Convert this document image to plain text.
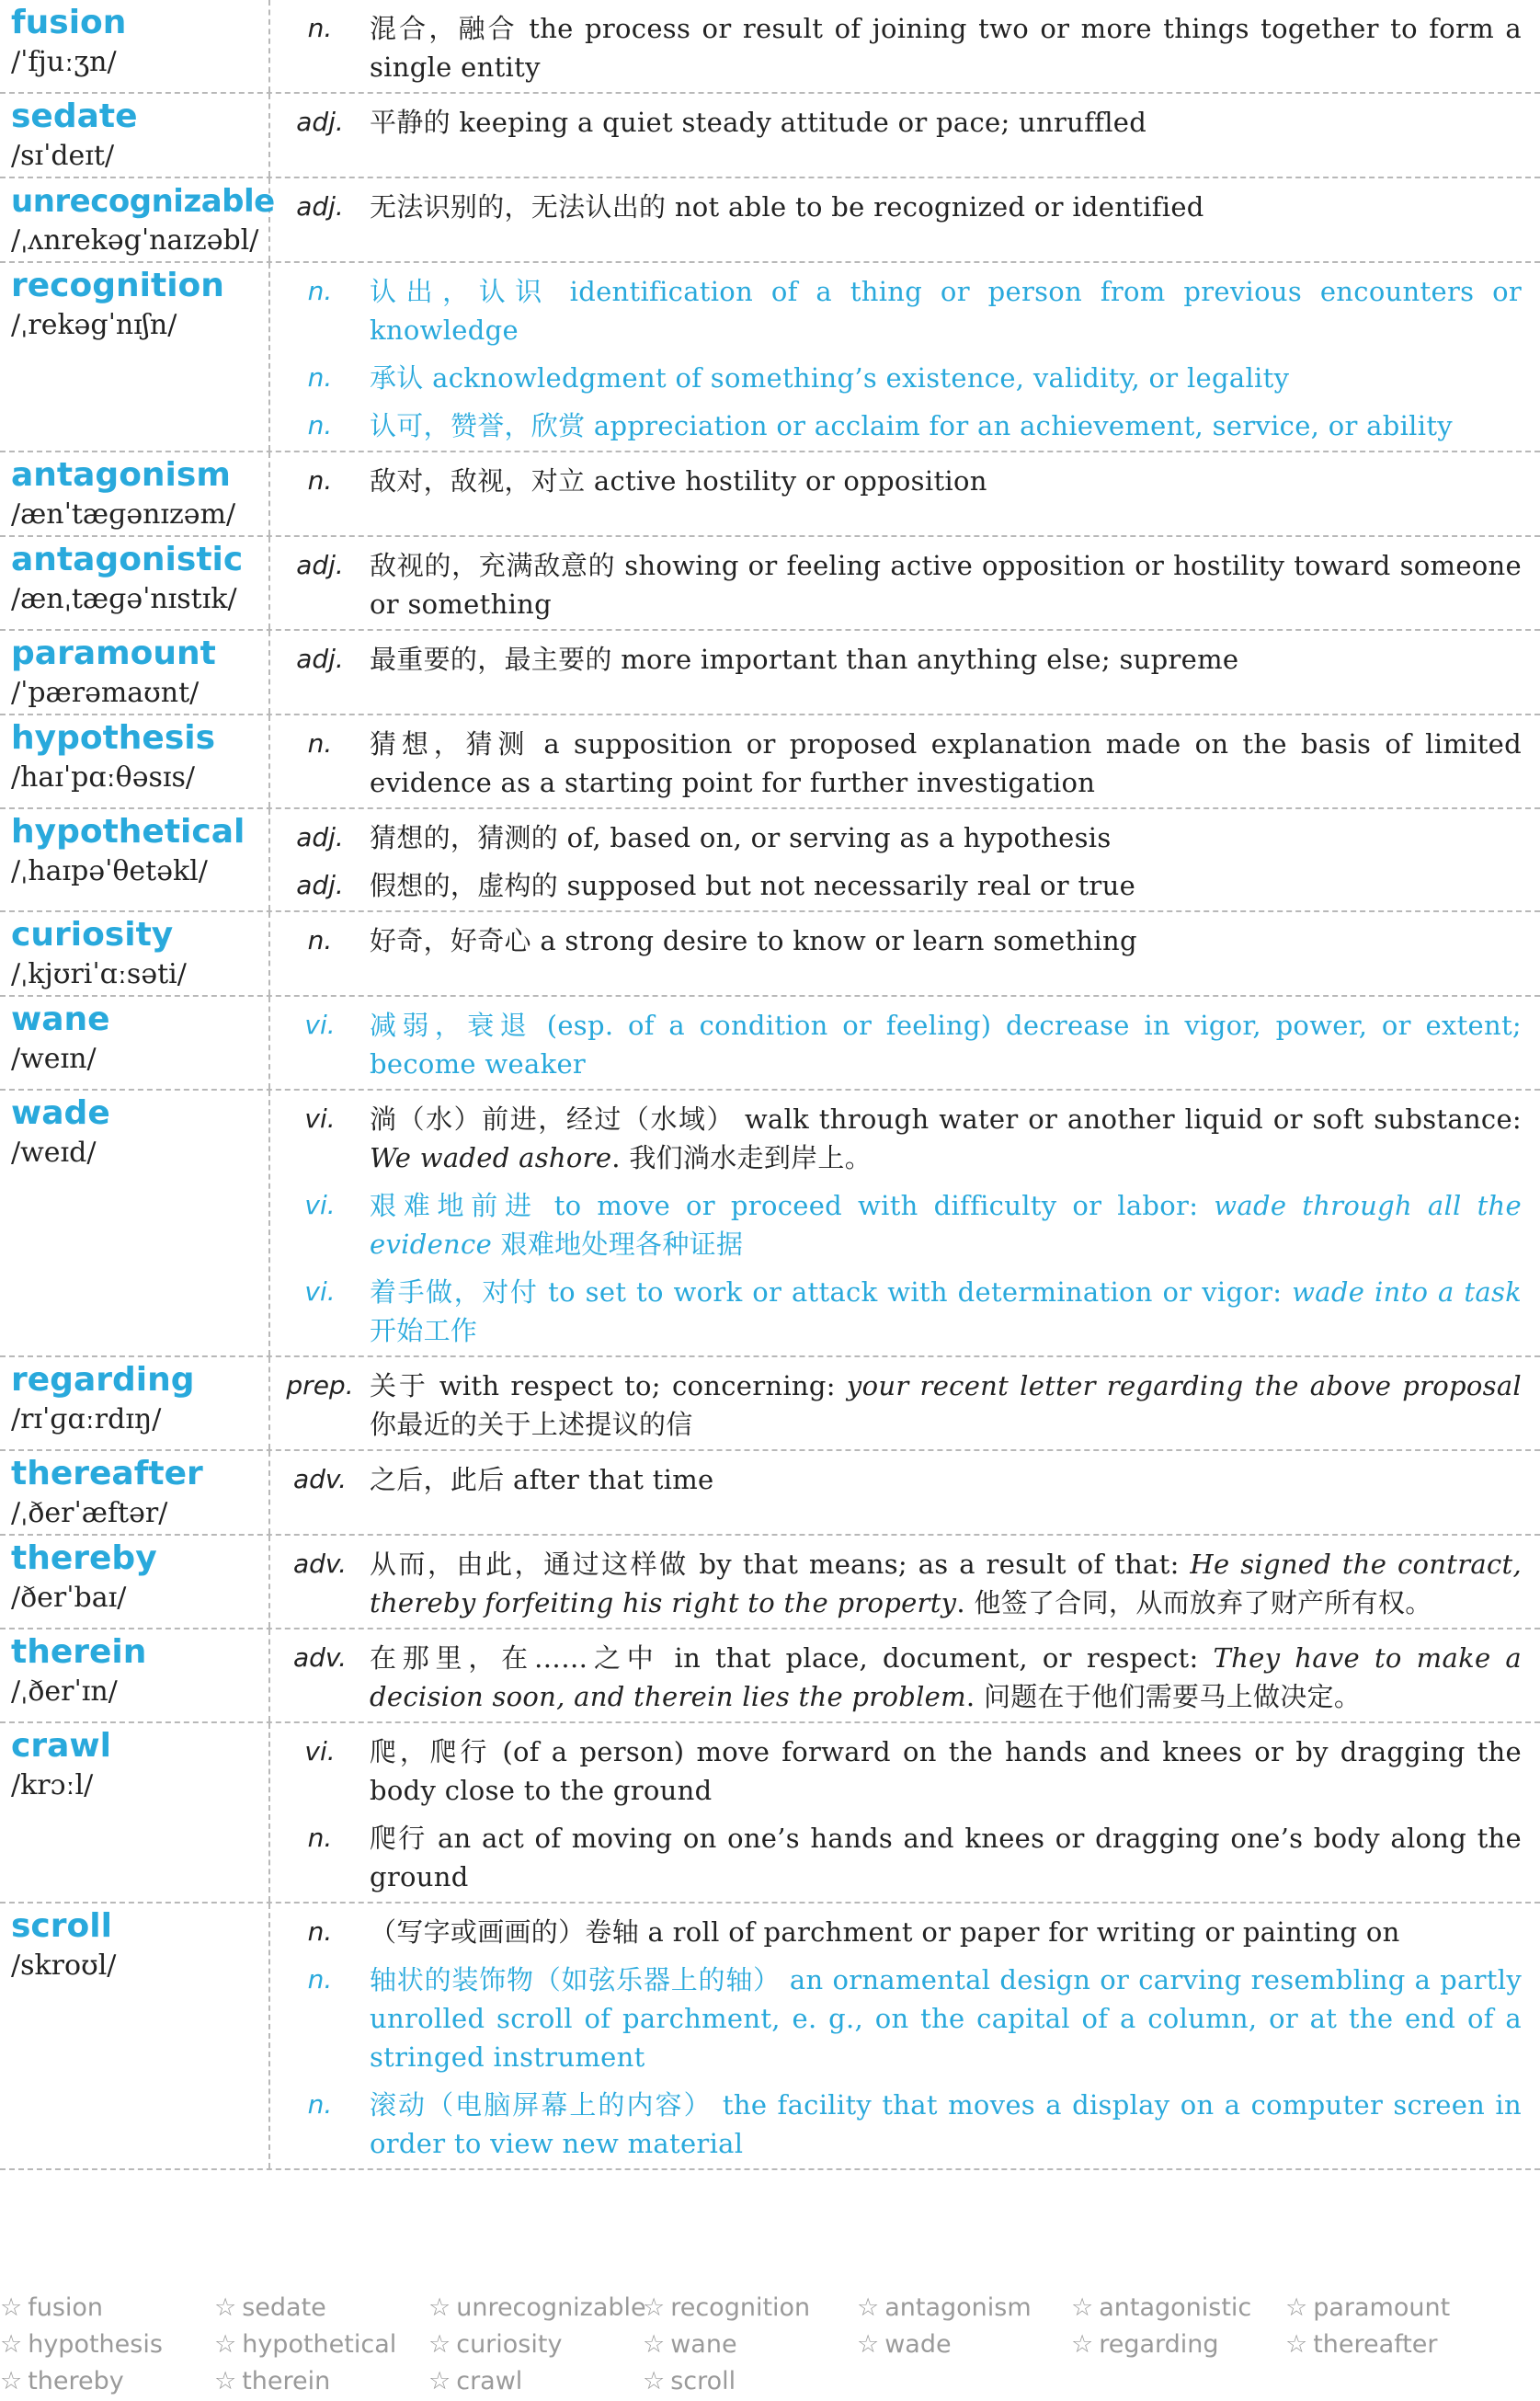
fusion
/ˈfjuːʒn/
n.	混合，融合 the process or result of joining two or more things together to form a single entity
sedate
/sɪˈdeɪt/
adj. 平静的 keeping a quiet steady attitude or pace; unruffled
unrecognizable
/ˌʌnrekəgˈnaɪzəbl/
adj. 无法识别的，无法认出的 not able to be recognized or identified
recognition
/ˌrekəgˈnɪʃn/
n.	认出，认识 identification of a thing or person from previous encounters or knowledge
n.	承认 acknowledgment of something’s existence, validity, or legality
n.	认可，赞誉，欣赏 appreciation or acclaim for an achievement, service, or ability
antagonism
/ænˈtæɡənɪzəm/
n.	敌对，敌视，对立 active hostility or opposition
antagonistic
/ænˌtæɡəˈnɪstɪk/
adj. 敌视的，充满敌意的 showing or feeling active opposition or hostility toward someone or something
paramount
/ˈpærəmaʊnt/
adj. 最重要的，最主要的 more important than anything else; supreme
hypothesis
/haɪˈpɑːθəsɪs/
n.	猜想，猜测 a supposition or proposed explanation made on the basis of limited evidence as a starting point for further investigation
hypothetical
/ˌhaɪpəˈθetəkl/
adj. 猜想的，猜测的 of, based on, or serving as a hypothesis
adj. 假想的，虚构的 supposed but not necessarily real or true
curiosity
/ˌkjʊriˈɑːsəti/
n.	好奇，好奇心 a strong desire to know or learn something
wane
/weɪn/
vi.	减弱，衰退 (esp. of a condition or feeling) decrease in vigor, power, or extent; become weaker
wade
/weɪd/
vi.	淌（水）前进，经过（水域） walk through water or another liquid or soft substance: We waded ashore. 我们淌水走到岸上。
vi.	艰难地前进 to move or proceed with difficulty or labor: wade through all the evidence 艰难地处理各种证据
vi.	着手做，对付 to set to work or attack with determination or vigor: wade into a task 开始工作
regarding
/rɪˈɡɑːrdɪŋ/
prep. 关于 with respect to; concerning: your recent letter regarding the above proposal 你最近的关于上述提议的信
thereafter
/ˌðerˈæftər/
adv. 之后，此后 after that time
thereby
/ðerˈbaɪ/
adv. 从而，由此，通过这样做 by that means; as a result of that: He signed the contract, thereby forfeiting his right to the property. 他签了合同，从而放弃了财产所有权。
therein
/ˌðerˈɪn/
adv. 在那里，在……之中 in that place, document, or respect: They have to make a decision soon, and therein lies the problem. 问题在于他们需要马上做决定。
crawl
/krɔːl/
vi.	爬，爬行 (of a person) move forward on the hands and knees or by dragging the body close to the ground
n.	爬行 an act of moving on one’s hands and knees or dragging one’s body along the ground
scroll
/skroʊl/
n.	（写字或画画的）卷轴 a roll of parchment or paper for writing or painting on
n.	轴状的装饰物（如弦乐器上的轴） an ornamental design or carving resembling a partly unrolled scroll of parchment, e. g., on the capital of a column, or at the end of a stringed instrument
n.	滚动（电脑屏幕上的内容） the facility that moves a display on a computer screen in order to view new material
☆ fusion	☆ sedate	☆ unrecognizable
☆ recognition	☆ antagonism	☆ antagonistic	☆ paramount
☆ hypothesis	☆ hypothetical	☆ curiosity	☆ wane	☆ wade	☆ regarding	☆ thereafter
☆ thereby	☆ therein	☆ crawl	☆ scroll
